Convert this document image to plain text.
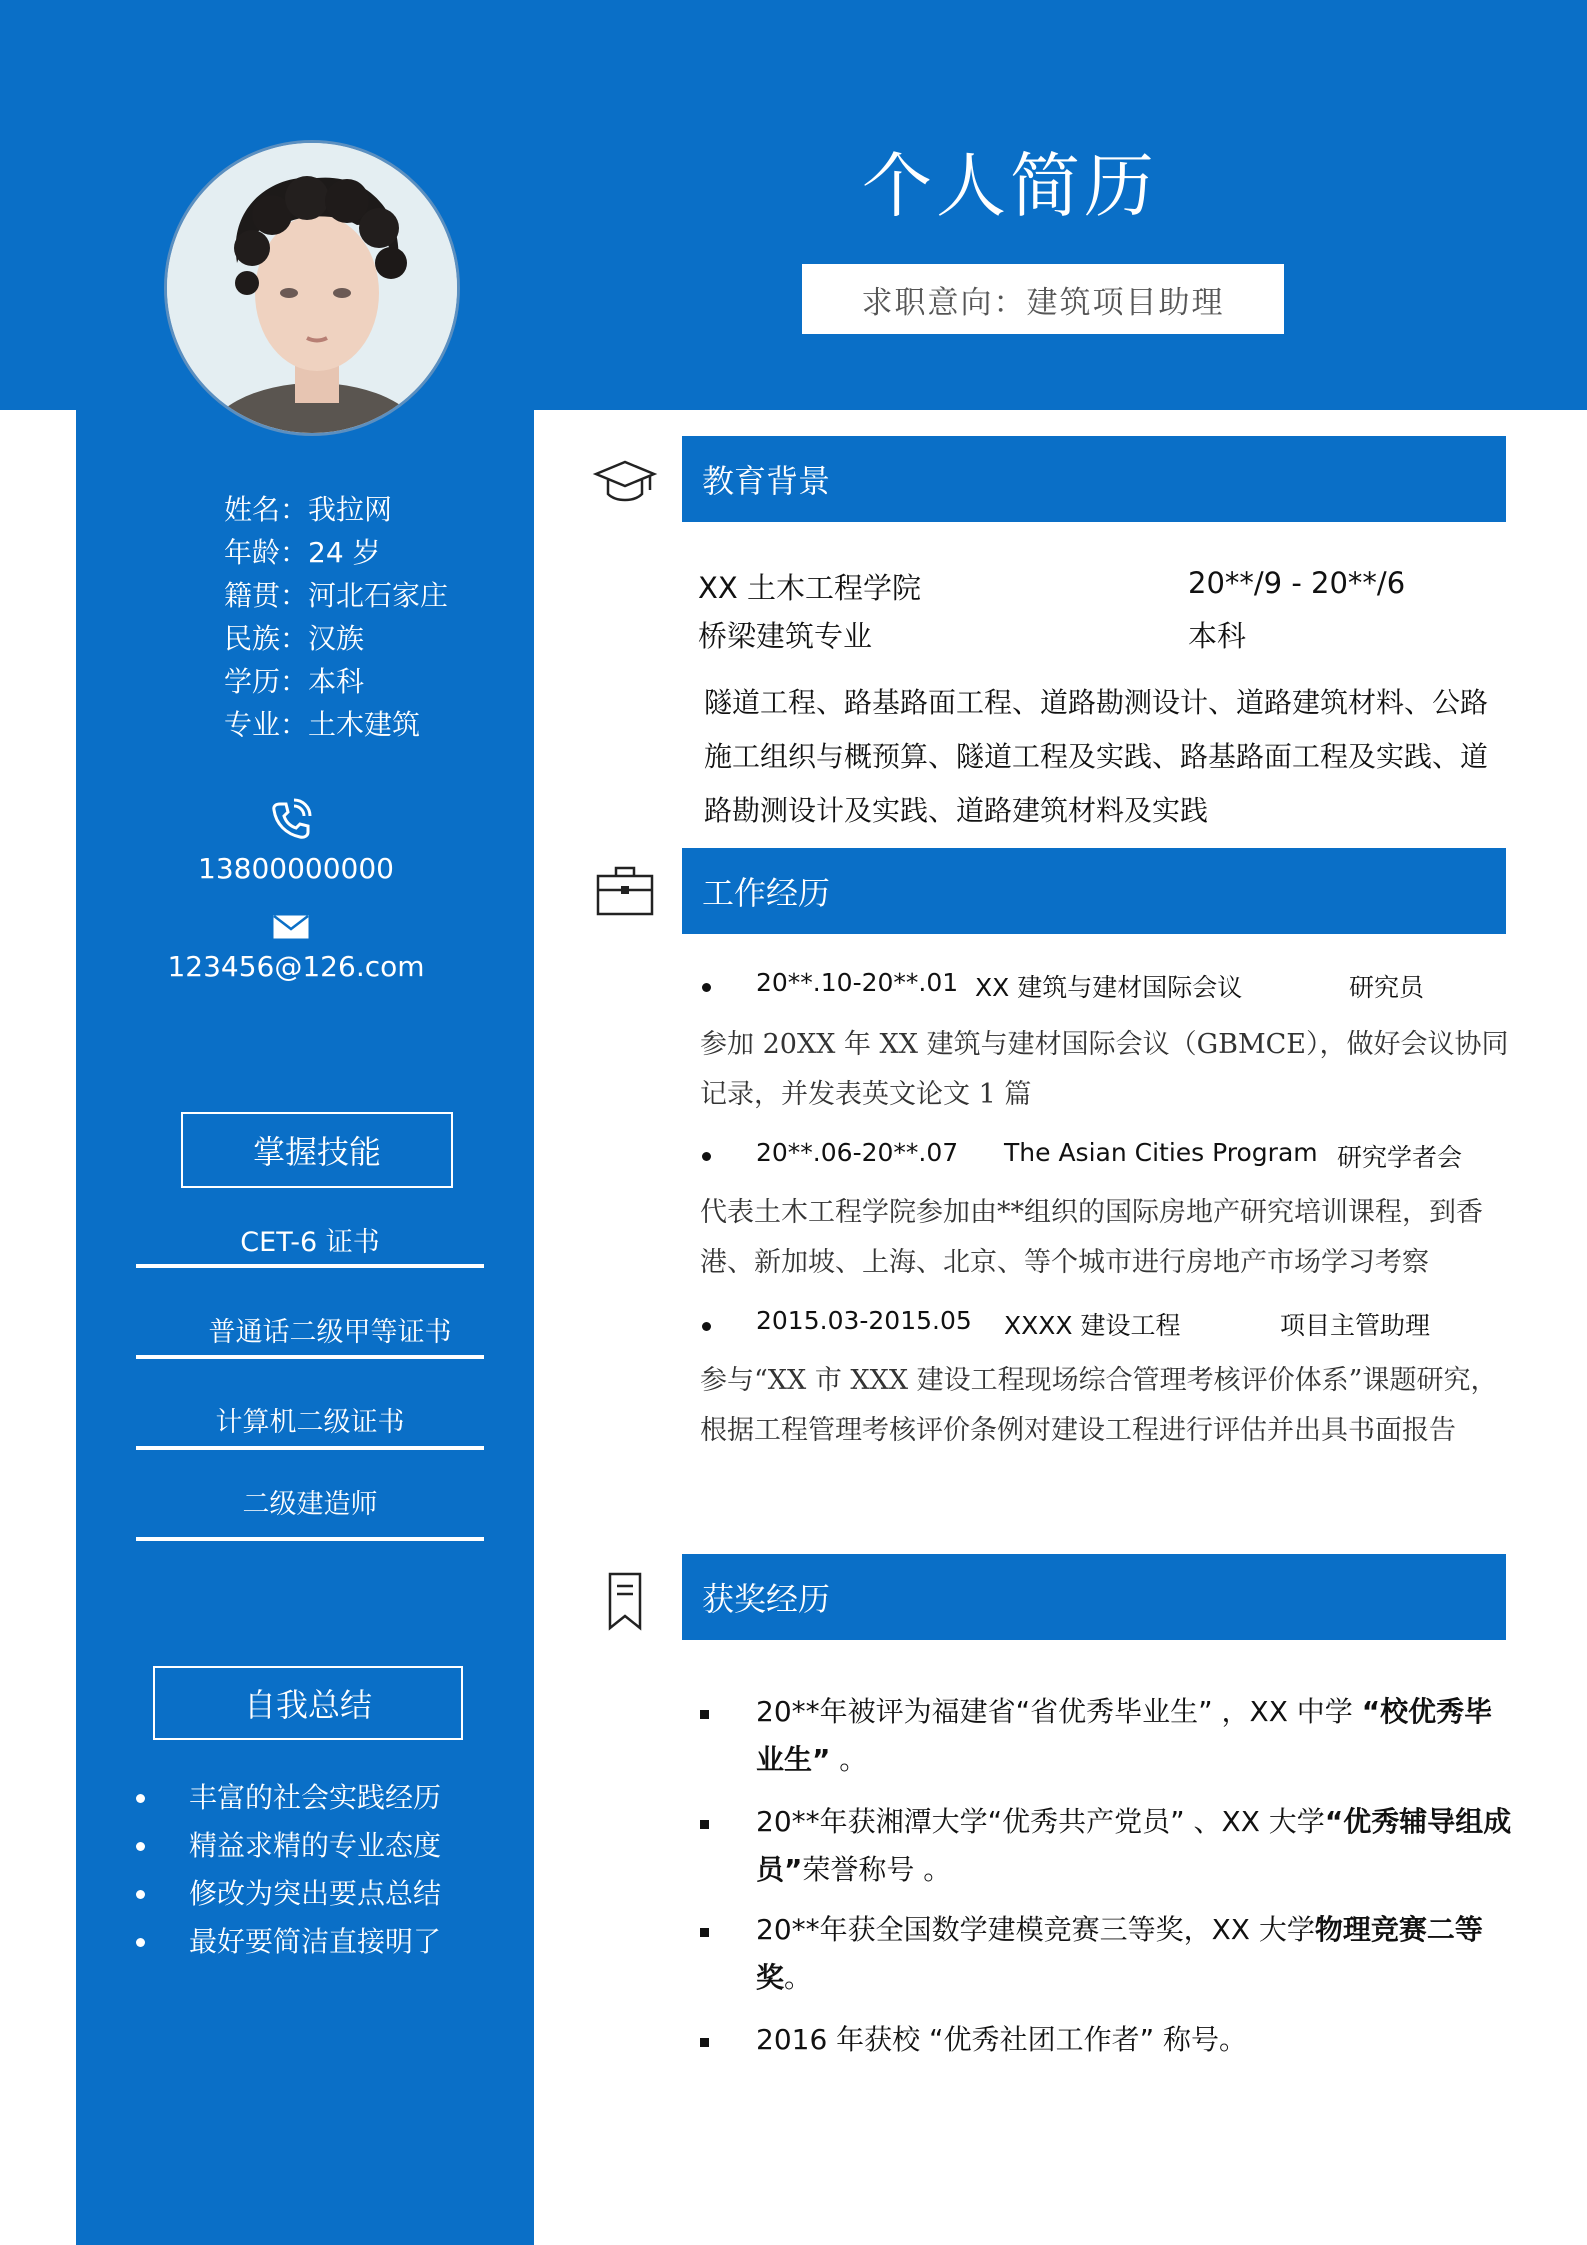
个人简历
求职意向：建筑项目助理
姓名：我拉网
年龄：24 岁
籍贯：河北石家庄
民族：汉族
学历：本科
专业：土木建筑
13800000000
123456@126.com
掌握技能
CET-6 证书
普通话二级甲等证书
计算机二级证书
二级建造师
自我总结
丰富的社会实践经历
精益求精的专业态度
修改为突出要点总结
最好要简洁直接明了
教育背景
XX 土木工程学院	20**/9 - 20**/6
桥梁建筑专业	本科
隧道工程、路基路面工程、道路勘测设计、道路建筑材料、公路施工组织与概预算、隧道工程及实践、路基路面工程及实践、道路勘测设计及实践、道路建筑材料及实践
工作经历
20**.10-20**.01 XX 建筑与建材国际会议	研究员
参加 20XX 年 XX 建筑与建材国际会议（GBMCE），做好会议协同记录，并发表英文论文 1 篇
20**.06-20**.07 The Asian Cities Program 研究学者会
代表土木工程学院参加由**组织的国际房地产研究培训课程，到香港、新加坡、上海、北京、等个城市进行房地产市场学习考察
2015.03-2015.05 XXXX 建设工程	项目主管助理
参与“XX 市 XXX 建设工程现场综合管理考核评价体系”课题研究，根据工程管理考核评价条例对建设工程进行评估并出具书面报告
获奖经历
20**年被评为福建省“省优秀毕业生” ，XX 中学 “校优秀毕业生” 。
20**年获湘潭大学“优秀共产党员” 、XX 大学“优秀辅导组成员”荣誉称号 。
20**年获全国数学建模竞赛三等奖，XX 大学物理竞赛二等奖。
2016 年获校 “优秀社团工作者” 称号。
